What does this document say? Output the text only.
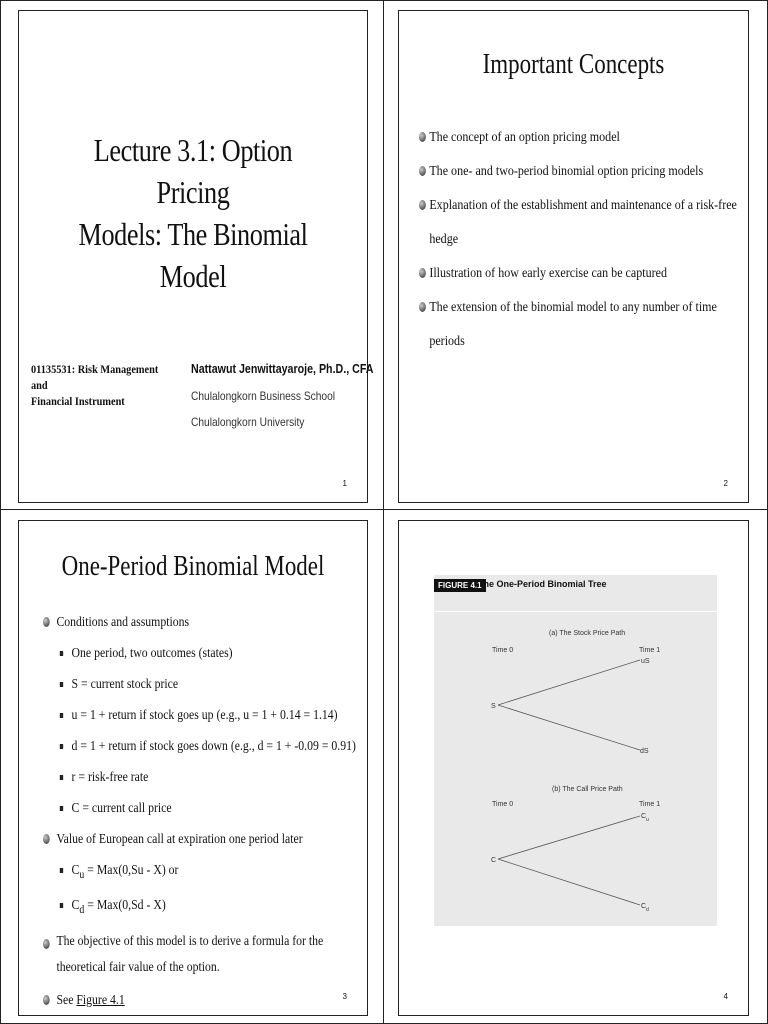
Lecture 3.1: Option Pricing
Models: The Binomial Model
01135531: Risk Management and
Financial Instrument
Nattawut Jenwittayaroje, Ph.D., CFA
Chulalongkorn Business School
Chulalongkorn University
1
Important Concepts
The concept of an option pricing model
The one- and two-period binomial option pricing models
Explanation of the establishment and maintenance of a risk-free
hedge
Illustration of how early exercise can be captured
The extension of the binomial model to any number of time
periods
2
One-Period Binomial Model
Conditions and assumptions
One period, two outcomes (states)
S = current stock price
u = 1 + return if stock goes up (e.g., u = 1 + 0.14 = 1.14)
d = 1 + return if stock goes down (e.g., d = 1 + -0.09 = 0.91)
r = risk-free rate
C = current call price
Value of European call at expiration one period later
$C_u = Max(0,Su - X)$ or
$C_d = Max(0,Sd - X)$
The objective of this model is to derive a formula for the
theoretical fair value of the option.
See Figure 4.1	3
FIGURE 4.1
The One-Period Binomial Tree
(a) The Stock Price Path
Time 0	Time 1
S
uS
dS
(b) The Call Price Path
Time 0	Time 1
C
C u
C d
4
